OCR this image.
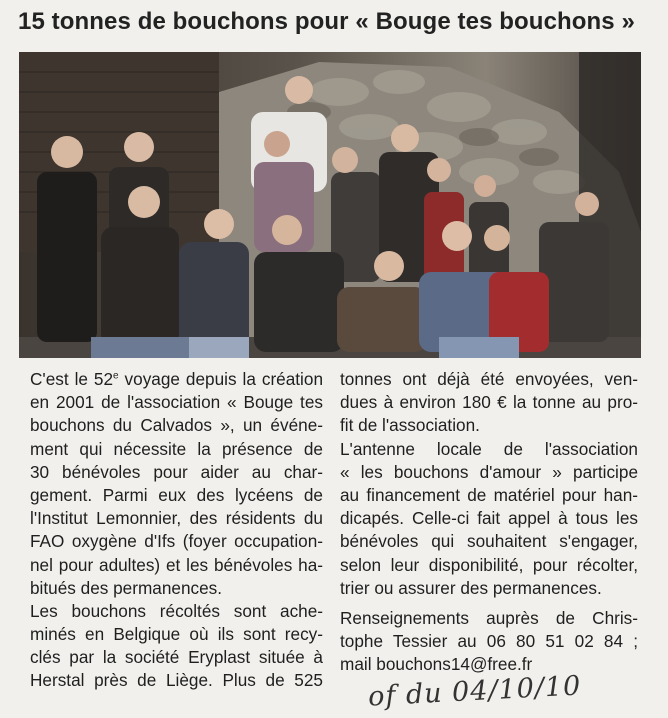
15 tonnes de bouchons pour « Bouge tes bouchons »
C'est le 52e voyage depuis la création
en 2001 de l'association « Bouge tes
bouchons du Calvados », un événe-
ment qui nécessite la présence de
30 bénévoles pour aider au char-
gement. Parmi eux des lycéens de
l'Institut Lemonnier, des résidents du
FAO oxygène d'Ifs (foyer occupation-
nel pour adultes) et les bénévoles ha-
bitués des permanences.
Les bouchons récoltés sont ache-
minés en Belgique où ils sont recy-
clés par la société Eryplast située à
Herstal près de Liège. Plus de 525
tonnes ont déjà été envoyées, ven-
dues à environ 180 € la tonne au pro-
fit de l'association.
L'antenne locale de l'association
« les bouchons d'amour » participe
au financement de matériel pour han-
dicapés. Celle-ci fait appel à tous les
bénévoles qui souhaitent s'engager,
selon leur disponibilité, pour récolter,
trier ou assurer des permanences.
Renseignements auprès de Chris-
tophe Tessier au 06 80 51 02 84 ;
mail bouchons14@free.fr
of du 04/10/10
